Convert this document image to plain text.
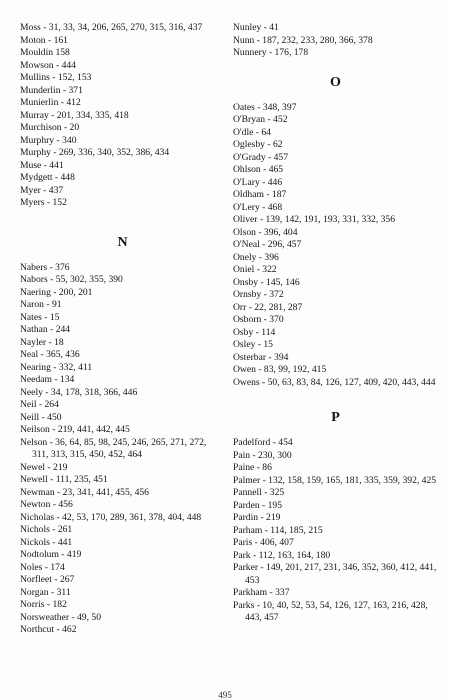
Moss - 31, 33, 34, 206, 265, 270, 315, 316, 437
Moton - 161
Mouldin 158
Mowson - 444
Mullins - 152, 153
Munderlin - 371
Munierlin - 412
Murray - 201, 334, 335, 418
Murchison - 20
Murphry - 340
Murphy - 269, 336, 340, 352, 386, 434
Muse - 441
Mydgett - 448
Myer - 437
Myers - 152
N
Nabers - 376
Nabors - 55, 302, 355, 390
Naering - 200, 201
Naron - 91
Nates - 15
Nathan - 244
Nayler - 18
Neal - 365, 436
Nearing - 332, 411
Needam - 134
Neely - 34, 178, 318, 366, 446
Neil - 264
Neill - 450
Neilson - 219, 441, 442, 445
Nelson - 36, 64, 85, 98, 245, 246, 265, 271, 272, 311, 313, 315, 450, 452, 464
Newel - 219
Newell - 111, 235, 451
Newman - 23, 341, 441, 455, 456
Newton - 456
Nicholas - 42, 53, 170, 289, 361, 378, 404, 448
Nichols - 261
Nickols - 441
Nodtolum - 419
Noles - 174
Norfleet - 267
Norgan - 311
Norris - 182
Norsweather - 49, 50
Northcut - 462
Nunley - 41
Nunn - 187, 232, 233, 280, 366, 378
Nunnery - 176, 178
O
Oates - 348, 397
O'Bryan - 452
O'dle - 64
Oglesby - 62
O'Grady - 457
Ohlson - 465
O'Lary - 446
Oldham - 187
O'Lery - 468
Oliver - 139, 142, 191, 193, 331, 332, 356
Olson - 396, 404
O'Neal - 296, 457
Onely - 396
Oniel - 322
Onsby - 145, 146
Ornsby - 372
Orr - 22, 281, 287
Osborn - 370
Osby - 114
Osley - 15
Osterbar - 394
Owen - 83, 99, 192, 415
Owens - 50, 63, 83, 84, 126, 127, 409, 420, 443, 444
P
Padelford - 454
Pain - 230, 300
Paine - 86
Palmer - 132, 158, 159, 165, 181, 335, 359, 392, 425
Pannell - 325
Parden - 195
Pardin - 219
Parham - 114, 185, 215
Paris - 406, 407
Park - 112, 163, 164, 180
Parker - 149, 201, 217, 231, 346, 352, 360, 412, 441, 453
Parkham - 337
Parks - 10, 40, 52, 53, 54, 126, 127, 163, 216, 428, 443, 457
495
